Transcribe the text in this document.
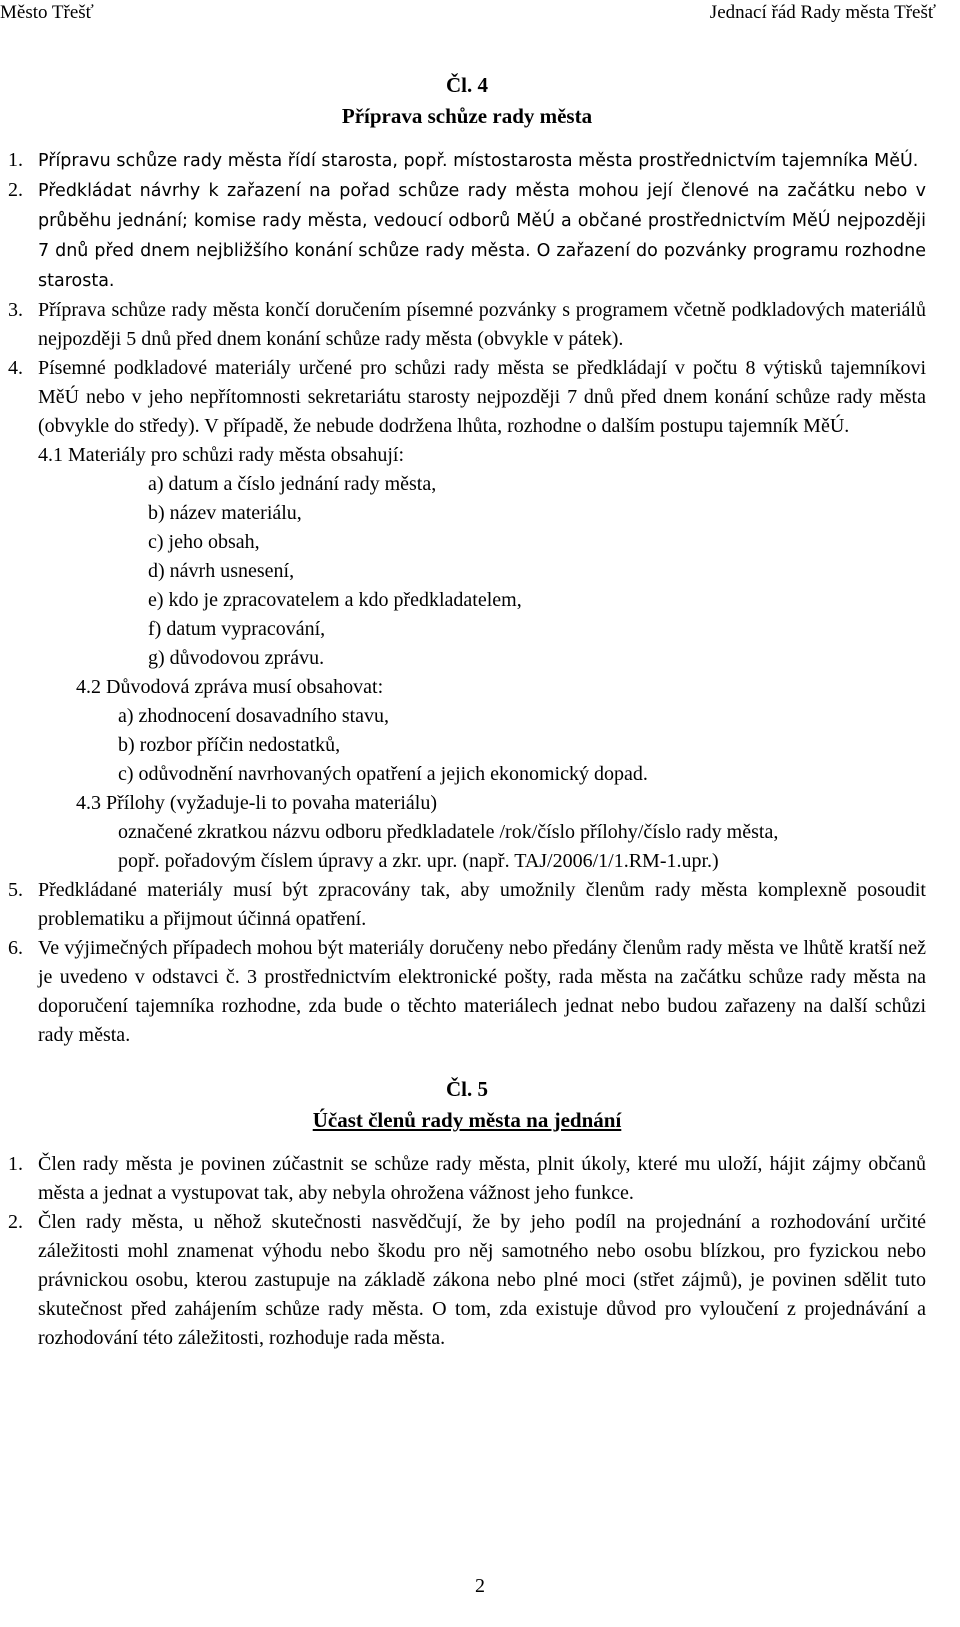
Město Třešť	Jednací řád Rady města Třešť
Čl. 4
Příprava schůze rady města
1. Přípravu schůze rady města řídí starosta, popř. místostarosta města prostřednictvím tajemníka MěÚ.
2. Předkládat návrhy k zařazení na pořad schůze rady města mohou její členové na začátku nebo v průběhu jednání; komise rady města, vedoucí odborů MěÚ a občané prostřednictvím MěÚ nejpozději 7 dnů před dnem nejbližšího konání schůze rady města. O zařazení do pozvánky programu rozhodne starosta.
3. Příprava schůze rady města končí doručením písemné pozvánky s programem včetně podkladových materiálů nejpozději 5 dnů před dnem konání schůze rady města (obvykle v pátek).
4. Písemné podkladové materiály určené pro schůzi rady města se předkládají v počtu 8 výtisků tajemníkovi MěÚ nebo v jeho nepřítomnosti sekretariátu starosty nejpozději 7 dnů před dnem konání schůze rady města (obvykle do středy). V případě, že nebude dodržena lhůta, rozhodne o dalším postupu tajemník MěÚ.
4.1 Materiály pro schůzi rady města obsahují:
a) datum a číslo jednání rady města,
b) název materiálu,
c) jeho obsah,
d) návrh usnesení,
e) kdo je zpracovatelem a kdo předkladatelem,
f) datum vypracování,
g) důvodovou zprávu.
4.2 Důvodová zpráva musí obsahovat:
a) zhodnocení dosavadního stavu,
b) rozbor příčin nedostatků,
c) odůvodnění navrhovaných opatření a jejich ekonomický dopad.
4.3 Přílohy (vyžaduje-li to povaha materiálu)
označené zkratkou názvu odboru předkladatele /rok/číslo přílohy/číslo rady města,
popř. pořadovým číslem úpravy a zkr. upr. (např. TAJ/2006/1/1.RM-1.upr.)
5. Předkládané materiály musí být zpracovány tak, aby umožnily členům rady města komplexně posoudit problematiku a přijmout účinná opatření.
6. Ve výjimečných případech mohou být materiály doručeny nebo předány členům rady města ve lhůtě kratší než je uvedeno v odstavci č. 3 prostřednictvím elektronické pošty, rada města na začátku schůze rady města na doporučení tajemníka rozhodne, zda bude o těchto materiálech jednat nebo budou zařazeny na další schůzi rady města.
Čl. 5
Účast členů rady města na jednání
1. Člen rady města je povinen zúčastnit se schůze rady města, plnit úkoly, které mu uloží, hájit zájmy občanů města a jednat a vystupovat tak, aby nebyla ohrožena vážnost jeho funkce.
2. Člen rady města, u něhož skutečnosti nasvědčují, že by jeho podíl na projednání a rozhodování určité záležitosti mohl znamenat výhodu nebo škodu pro něj samotného nebo osobu blízkou, pro fyzickou nebo právnickou osobu, kterou zastupuje na základě zákona nebo plné moci (střet zájmů), je povinen sdělit tuto skutečnost před zahájením schůze rady města. O tom, zda existuje důvod pro vyloučení z projednávání a rozhodování této záležitosti, rozhoduje rada města.
2
